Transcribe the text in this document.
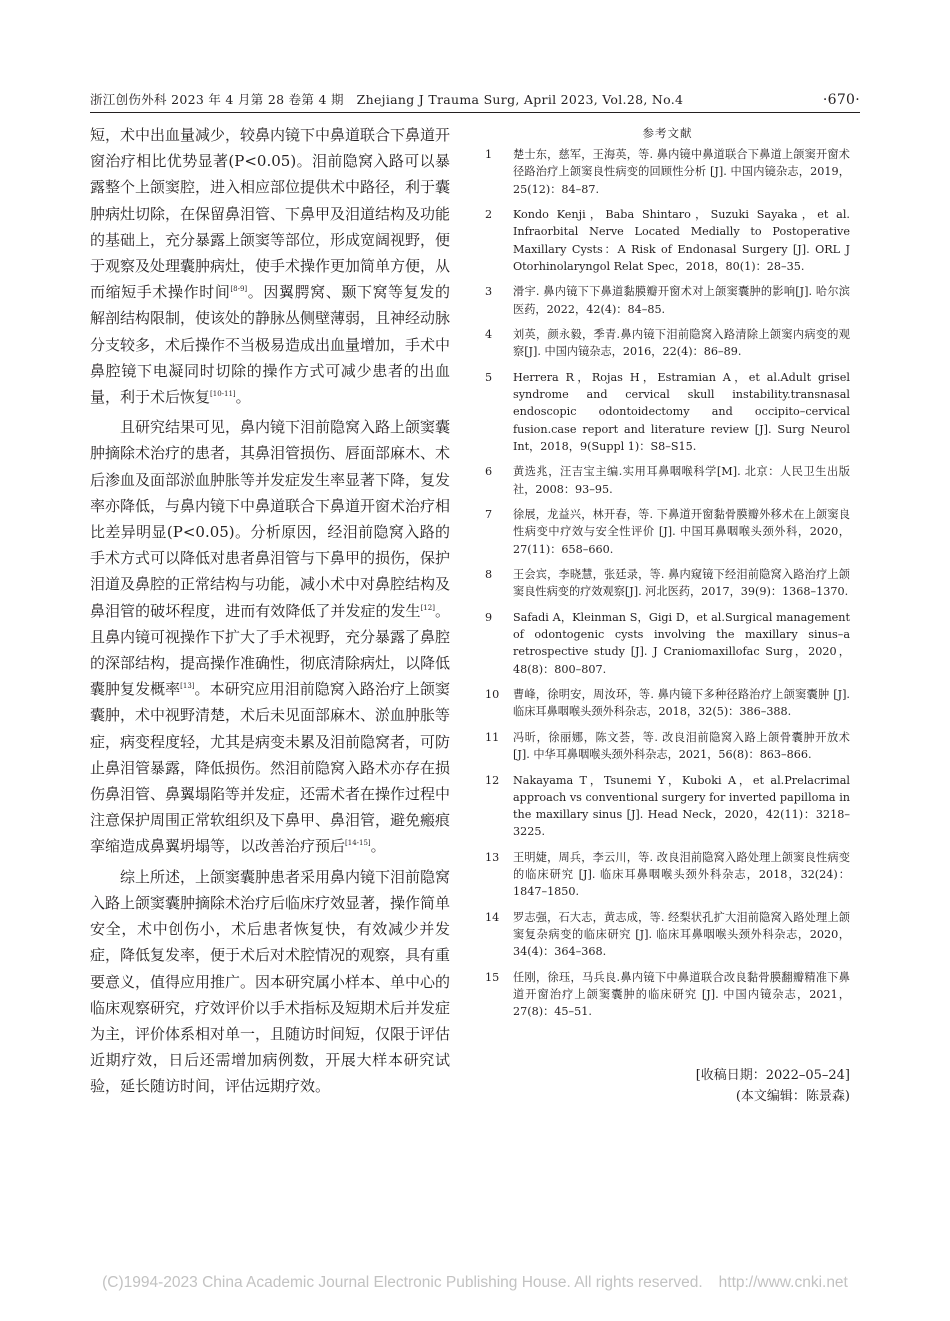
浙江创伤外科 2023 年 4 月第 28 卷第 4 期　Zhejiang J Trauma Surg, April 2023, Vol.28, No.4	·670·

短，术中出血量减少，较鼻内镜下中鼻道联合下鼻道开窗治疗相比优势显著(P<0.05)。泪前隐窝入路可以暴露整个上颌窦腔，进入相应部位提供术中路径，利于囊肿病灶切除，在保留鼻泪管、下鼻甲及泪道结构及功能的基础上，充分暴露上颌窦等部位，形成宽阔视野，便于观察及处理囊肿病灶，使手术操作更加简单方便，从而缩短手术操作时间[8-9]。因翼腭窝、颞下窝等复发的解剖结构限制，使该处的静脉丛侧壁薄弱，且神经动脉分支较多，术后操作不当极易造成出血量增加，手术中鼻腔镜下电凝同时切除的操作方式可减少患者的出血量，利于术后恢复[10-11]。

且研究结果可见，鼻内镜下泪前隐窝入路上颌窦囊肿摘除术治疗的患者，其鼻泪管损伤、唇面部麻木、术后渗血及面部淤血肿胀等并发症发生率显著下降，复发率亦降低，与鼻内镜下中鼻道联合下鼻道开窗术治疗相比差异明显(P<0.05)。分析原因，经泪前隐窝入路的手术方式可以降低对患者鼻泪管与下鼻甲的损伤，保护泪道及鼻腔的正常结构与功能，减小术中对鼻腔结构及鼻泪管的破坏程度，进而有效降低了并发症的发生[12]。且鼻内镜可视操作下扩大了手术视野，充分暴露了鼻腔的深部结构，提高操作准确性，彻底清除病灶，以降低囊肿复发概率[13]。本研究应用泪前隐窝入路治疗上颌窦囊肿，术中视野清楚，术后未见面部麻木、淤血肿胀等症，病变程度轻，尤其是病变未累及泪前隐窝者，可防止鼻泪管暴露，降低损伤。然泪前隐窝入路术亦存在损伤鼻泪管、鼻翼塌陷等并发症，还需术者在操作过程中注意保护周围正常软组织及下鼻甲、鼻泪管，避免瘢痕挛缩造成鼻翼坍塌等，以改善治疗预后[14-15]。

综上所述，上颌窦囊肿患者采用鼻内镜下泪前隐窝入路上颌窦囊肿摘除术治疗后临床疗效显著，操作简单安全，术中创伤小，术后患者恢复快，有效减少并发症，降低复发率，便于术后对术腔情况的观察，具有重要意义，值得应用推广。因本研究属小样本、单中心的临床观察研究，疗效评价以手术指标及短期术后并发症为主，评价体系相对单一，且随访时间短，仅限于评估近期疗效，日后还需增加病例数，开展大样本研究试验，延长随访时间，评估远期疗效。

参考文献
1	楚士东，慈军，王海英，等. 鼻内镜中鼻道联合下鼻道上颌窦开窗术径路治疗上颌窦良性病变的回顾性分析 [J]. 中国内镜杂志，2019，25(12)：84–87.
2	Kondo Kenji，Baba Shintaro，Suzuki Sayaka，et al. Infraorbital Nerve Located Medially to Postoperative Maxillary Cysts：A Risk of Endonasal Surgery [J]. ORL J Otorhinolaryngol Relat Spec，2018，80(1)：28–35.
3	滑宇. 鼻内镜下下鼻道黏膜瓣开窗术对上颌窦囊肿的影响[J]. 哈尔滨医药，2022，42(4)：84–85.
4	刘英，颜永毅，季青.鼻内镜下泪前隐窝入路清除上颌窦内病变的观察[J]. 中国内镜杂志，2016，22(4)：86–89.
5	Herrera R，Rojas H，Estramian A，et al.Adult grisel syndrome and cervical skull instability.transnasal endoscopic odontoidectomy and occipito–cervical fusion.case report and literature review [J]. Surg Neurol Int，2018，9(Suppl 1)：S8–S15.
6	黄选兆，汪吉宝主编.实用耳鼻咽喉科学[M]. 北京：人民卫生出版社，2008：93–95.
7	徐展，龙益兴，林开春，等. 下鼻道开窗黏骨膜瓣外移术在上颌窦良性病变中疗效与安全性评价 [J]. 中国耳鼻咽喉头颈外科，2020，27(11)：658–660.
8	王会宾，李晓慧，张廷录，等. 鼻内窥镜下经泪前隐窝入路治疗上颌窦良性病变的疗效观察[J]. 河北医药，2017，39(9)：1368–1370.
9	Safadi A，Kleinman S，Gigi D，et al.Surgical management of odontogenic cysts involving the maxillary sinus–a retrospective study [J]. J Craniomaxillofac Surg，2020，48(8)：800–807.
10	曹峰，徐明安，周汝环，等. 鼻内镜下多种径路治疗上颌窦囊肿 [J]. 临床耳鼻咽喉头颈外科杂志，2018，32(5)：386–388.
11	冯昕，徐丽娜，陈文荟，等. 改良泪前隐窝入路上颌骨囊肿开放术[J]. 中华耳鼻咽喉头颈外科杂志，2021，56(8)：863–866.
12	Nakayama T，Tsunemi Y，Kuboki A，et al.Prelacrimal approach vs conventional surgery for inverted papilloma in the maxillary sinus [J]. Head Neck，2020，42(11)：3218–3225.
13	王明婕，周兵，李云川，等. 改良泪前隐窝入路处理上颌窦良性病变的临床研究 [J]. 临床耳鼻咽喉头颈外科杂志，2018，32(24)：1847–1850.
14	罗志强，石大志，黄志成，等. 经梨状孔扩大泪前隐窝入路处理上颌窦复杂病变的临床研究 [J]. 临床耳鼻咽喉头颈外科杂志，2020，34(4)：364–368.
15	任刚，徐珏，马兵良.鼻内镜下中鼻道联合改良黏骨膜翻瓣精准下鼻道开窗治疗上颌窦囊肿的临床研究 [J]. 中国内镜杂志，2021，27(8)：45–51.
[收稿日期：2022–05–24]
(本文编辑：陈景森)
(C)1994-2023 China Academic Journal Electronic Publishing House. All rights reserved. http://www.cnki.net
